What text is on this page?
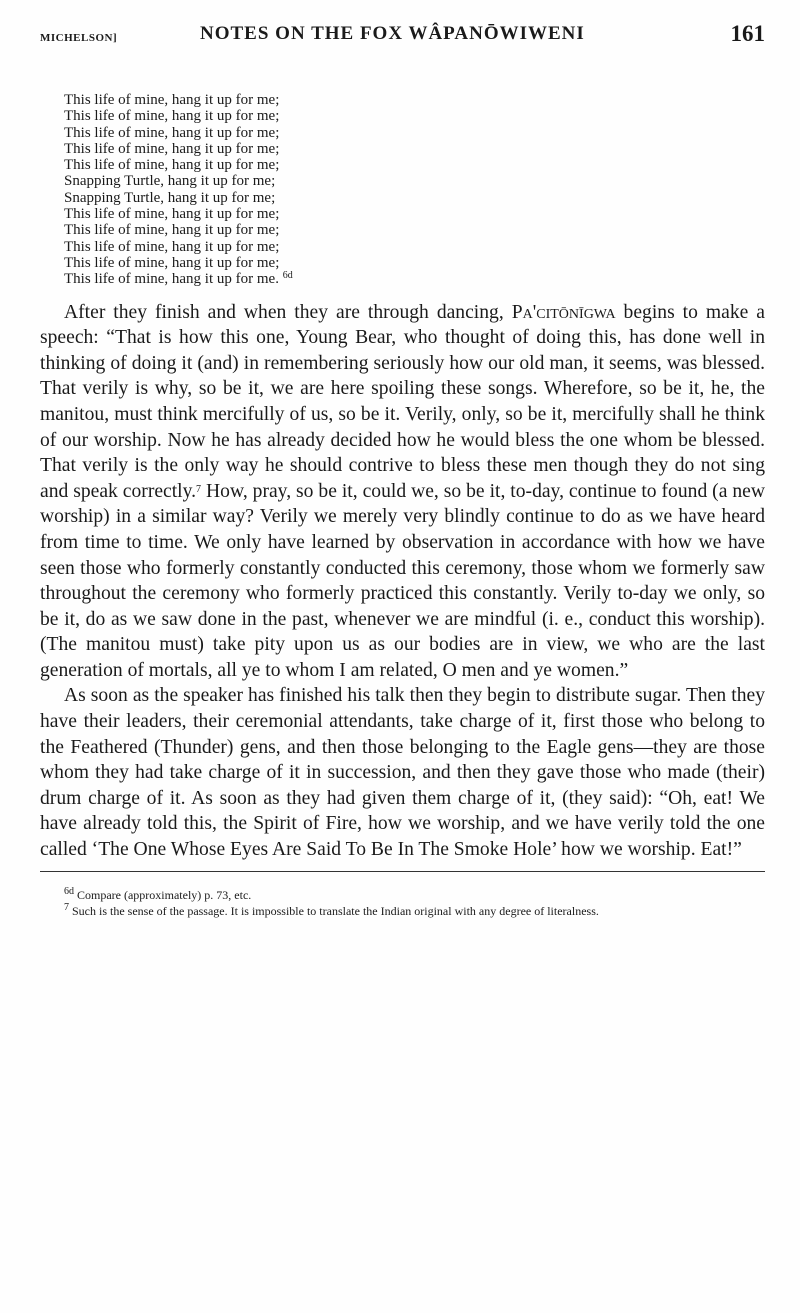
MICHELSON]	NOTES ON THE FOX WÂPANŌWIWENI	161
This life of mine, hang it up for me;
This life of mine, hang it up for me;
This life of mine, hang it up for me;
This life of mine, hang it up for me;
This life of mine, hang it up for me;
Snapping Turtle, hang it up for me;
Snapping Turtle, hang it up for me;
This life of mine, hang it up for me;
This life of mine, hang it up for me;
This life of mine, hang it up for me;
This life of mine, hang it up for me;
This life of mine, hang it up for me. $^{6d}$

After they finish and when they are through dancing, Pa'citōnīgwa begins to make a speech: “That is how this one, Young Bear, who thought of doing this, has done well in thinking of doing it (and) in remembering seriously how our old man, it seems, was blessed. That verily is why, so be it, we are here spoiling these songs. Wherefore, so be it, he, the manitou, must think mercifully of us, so be it. Verily, only, so be it, mercifully shall he think of our worship. Now he has already decided how he would bless the one whom be blessed. That verily is the only way he should contrive to bless these men though they do not sing and speak correctly.$^7$ How, pray, so be it, could we, so be it, to-day, continue to found (a new worship) in a similar way? Verily we merely very blindly continue to do as we have heard from time to time. We only have learned by observation in accordance with how we have seen those who formerly constantly conducted this ceremony, those whom we formerly saw throughout the ceremony who formerly practiced this constantly. Verily to-day we only, so be it, do as we saw done in the past, whenever we are mindful (i. e., conduct this worship). (The manitou must) take pity upon us as our bodies are in view, we who are the last generation of mortals, all ye to whom I am related, O men and ye women.”

As soon as the speaker has finished his talk then they begin to distribute sugar. Then they have their leaders, their ceremonial attendants, take charge of it, first those who belong to the Feathered (Thunder) gens, and then those belonging to the Eagle gens—they are those whom they had take charge of it in succession, and then they gave those who made (their) drum charge of it. As soon as they had given them charge of it, (they said): “Oh, eat! We have already told this, the Spirit of Fire, how we worship, and we have verily told the one called ‘The One Whose Eyes Are Said To Be In The Smoke Hole’ how we worship. Eat!”

$^{6d}$ Compare (approximately) p. 73, etc.

$^7$ Such is the sense of the passage. It is impossible to translate the Indian original with any degree of literalness.
